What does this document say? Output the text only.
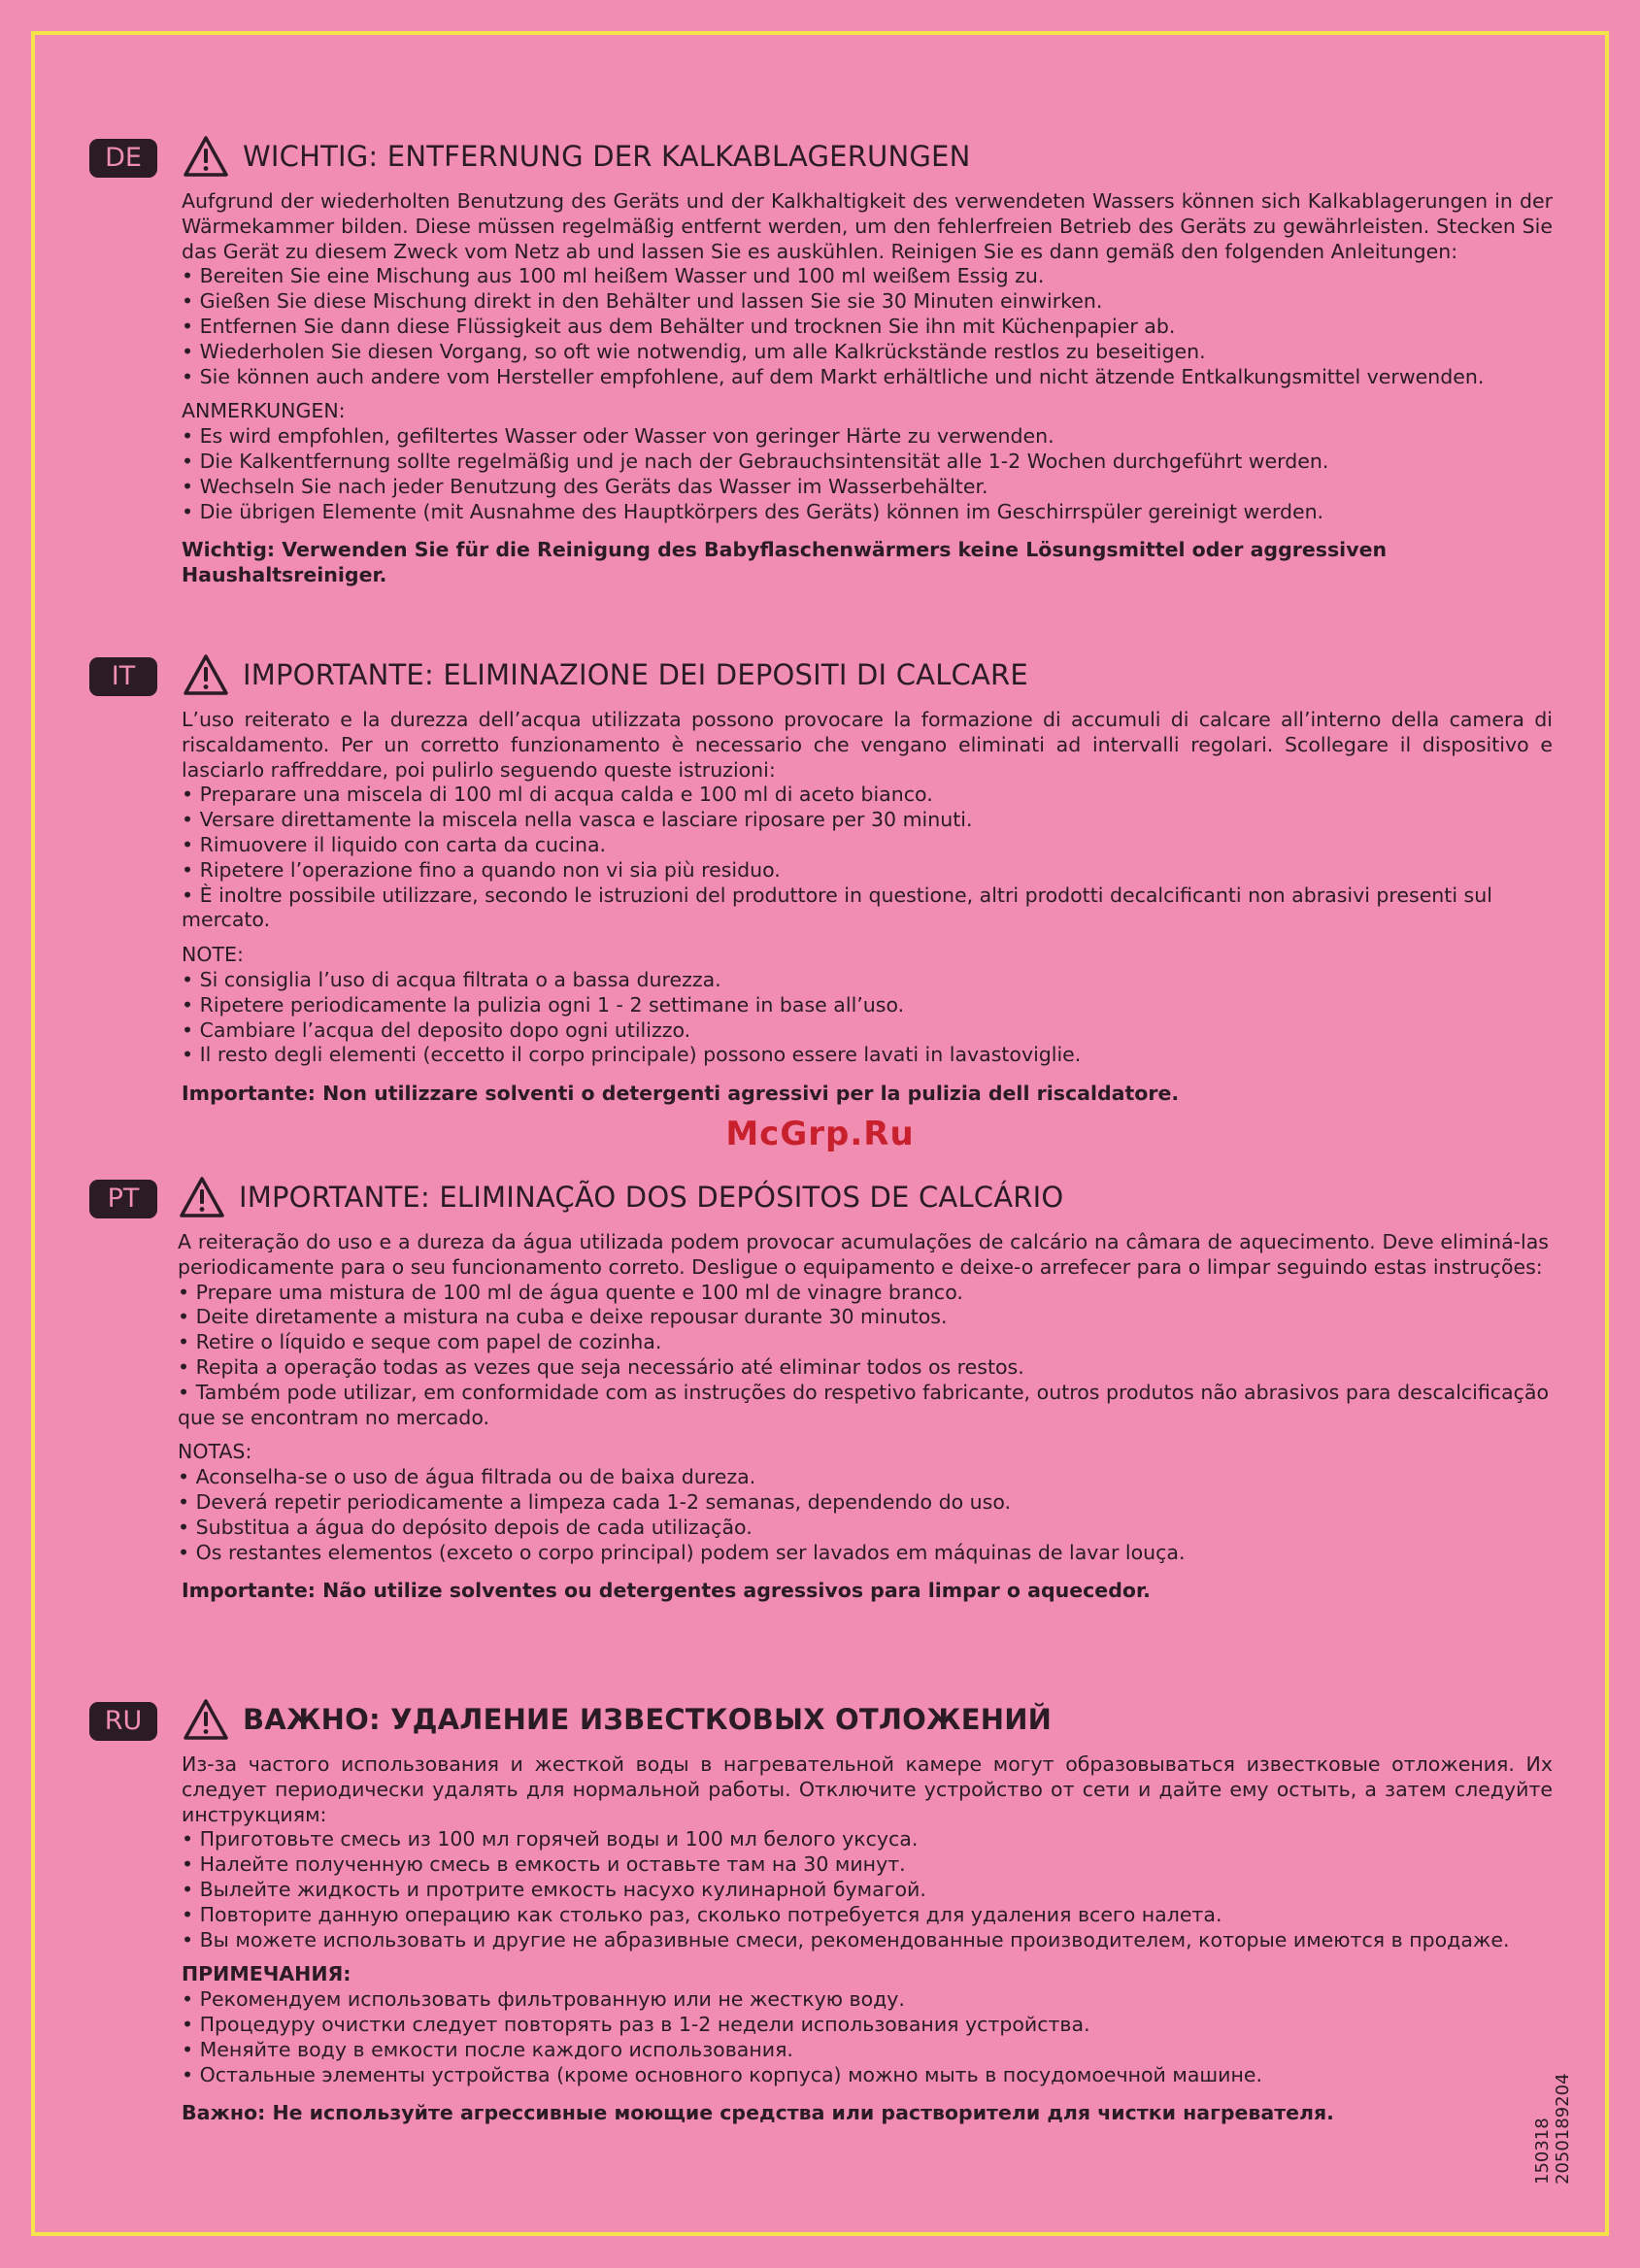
DE	WICHTIG: ENTFERNUNG DER KALKABLAGERUNGEN

Aufgrund der wiederholten Benutzung des Geräts und der Kalkhaltigkeit des verwendeten Wassers können sich Kalkablagerungen in der Wärmekammer bilden. Diese müssen regelmäßig entfernt werden, um den fehlerfreien Betrieb des Geräts zu gewährleisten. Stecken Sie das Gerät zu diesem Zweck vom Netz ab und lassen Sie es auskühlen. Reinigen Sie es dann gemäß den folgenden Anleitungen:

• Bereiten Sie eine Mischung aus 100 ml heißem Wasser und 100 ml weißem Essig zu.
• Gießen Sie diese Mischung direkt in den Behälter und lassen Sie sie 30 Minuten einwirken.
• Entfernen Sie dann diese Flüssigkeit aus dem Behälter und trocknen Sie ihn mit Küchenpapier ab.
• Wiederholen Sie diesen Vorgang, so oft wie notwendig, um alle Kalkrückstände restlos zu beseitigen.
• Sie können auch andere vom Hersteller empfohlene, auf dem Markt erhältliche und nicht ätzende Entkalkungsmittel verwenden.
ANMERKUNGEN:
• Es wird empfohlen, gefiltertes Wasser oder Wasser von geringer Härte zu verwenden.
• Die Kalkentfernung sollte regelmäßig und je nach der Gebrauchsintensität alle 1-2 Wochen durchgeführt werden.
• Wechseln Sie nach jeder Benutzung des Geräts das Wasser im Wasserbehälter.
• Die übrigen Elemente (mit Ausnahme des Hauptkörpers des Geräts) können im Geschirrspüler gereinigt werden.
Wichtig: Verwenden Sie für die Reinigung des Babyflaschenwärmers keine Lösungsmittel oder aggressiven Haushaltsreiniger.
IT	IMPORTANTE: ELIMINAZIONE DEI DEPOSITI DI CALCARE

L’uso reiterato e la durezza dell’acqua utilizzata possono provocare la formazione di accumuli di calcare all’interno della camera di riscaldamento. Per un corretto funzionamento è necessario che vengano eliminati ad intervalli regolari. Scollegare il dispositivo e lasciarlo raffreddare, poi pulirlo seguendo queste istruzioni:

• Preparare una miscela di 100 ml di acqua calda e 100 ml di aceto bianco.
• Versare direttamente la miscela nella vasca e lasciare riposare per 30 minuti.
• Rimuovere il liquido con carta da cucina.
• Ripetere l’operazione fino a quando non vi sia più residuo.
• È inoltre possibile utilizzare, secondo le istruzioni del produttore in questione, altri prodotti decalcificanti non abrasivi presenti sul mercato.
NOTE:
• Si consiglia l’uso di acqua filtrata o a bassa durezza.
• Ripetere periodicamente la pulizia ogni 1 - 2 settimane in base all’uso.
• Cambiare l’acqua del deposito dopo ogni utilizzo.
• Il resto degli elementi (eccetto il corpo principale) possono essere lavati in lavastoviglie.
Importante: Non utilizzare solventi o detergenti agressivi per la pulizia dell riscaldatore.
McGrp.Ru
PT	IMPORTANTE: ELIMINAÇÃO DOS DEPÓSITOS DE CALCÁRIO

A reiteração do uso e a dureza da água utilizada podem provocar acumulações de calcário na câmara de aquecimento. Deve eliminá-las periodicamente para o seu funcionamento correto. Desligue o equipamento e deixe-o arrefecer para o limpar seguindo estas instruções:

• Prepare uma mistura de 100 ml de água quente e 100 ml de vinagre branco.
• Deite diretamente a mistura na cuba e deixe repousar durante 30 minutos.
• Retire o líquido e seque com papel de cozinha.
• Repita a operação todas as vezes que seja necessário até eliminar todos os restos.
• Também pode utilizar, em conformidade com as instruções do respetivo fabricante, outros produtos não abrasivos para descalcificação que se encontram no mercado.
NOTAS:
• Aconselha-se o uso de água filtrada ou de baixa dureza.
• Deverá repetir periodicamente a limpeza cada 1-2 semanas, dependendo do uso.
• Substitua a água do depósito depois de cada utilização.
• Os restantes elementos (exceto o corpo principal) podem ser lavados em máquinas de lavar louça.
Importante: Não utilize solventes ou detergentes agressivos para limpar o aquecedor.
RU	ВАЖНО: УДАЛЕНИЕ ИЗВЕСТКОВЫХ ОТЛОЖЕНИЙ

Из-за частого использования и жесткой воды в нагревательной камере могут образовываться известковые отложения. Их следует периодически удалять для нормальной работы. Отключите устройство от сети и дайте ему остыть, а затем следуйте инструкциям:

• Приготовьте смесь из 100 мл горячей воды и 100 мл белого уксуса.
• Налейте полученную смесь в емкость и оставьте там на 30 минут.
• Вылейте жидкость и протрите емкость насухо кулинарной бумагой.
• Повторите данную операцию как столько раз, сколько потребуется для удаления всего налета.
• Вы можете использовать и другие не абразивные смеси, рекомендованные производителем, которые имеются в продаже.
ПРИМЕЧАНИЯ:
• Рекомендуем использовать фильтрованную или не жесткую воду.
• Процедуру очистки следует повторять раз в 1-2 недели использования устройства.
• Меняйте воду в емкости после каждого использования.
• Остальные элементы устройства (кроме основного корпуса) можно мыть в посудомоечной машине.
Важно: Не используйте агрессивные моющие средства или растворители для чистки нагревателя.
150318 2050189204
